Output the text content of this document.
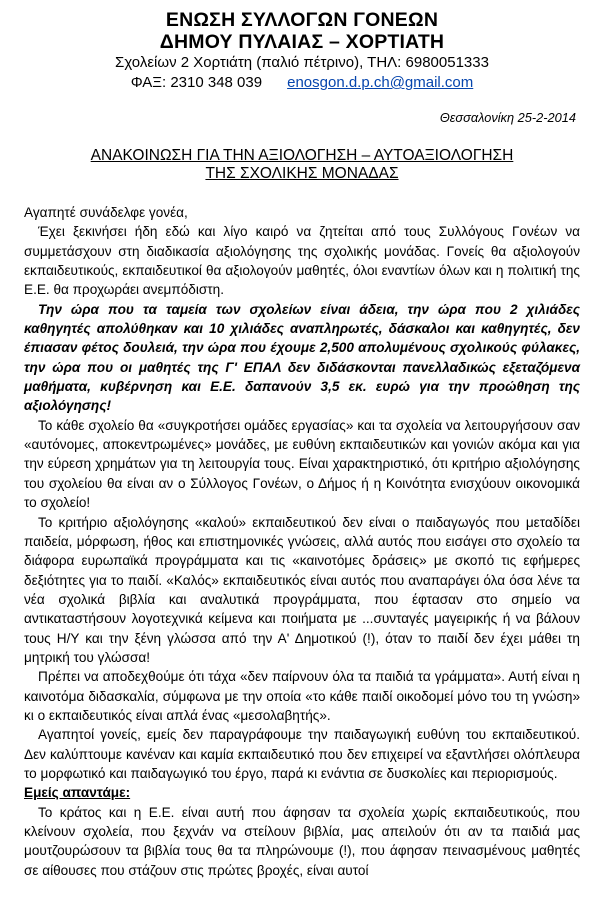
ΕΝΩΣΗ ΣΥΛΛΟΓΩΝ ΓΟΝΕΩΝ
ΔΗΜΟΥ ΠΥΛΑΙΑΣ – ΧΟΡΤΙΑΤΗ
Σχολείων 2 Χορτιάτη (παλιό πέτρινο), ΤΗΛ: 6980051333
ΦΑΞ: 2310 348 039 enosgon.d.p.ch@gmail.com
Θεσσαλονίκη 25-2-2014
ΑΝΑΚΟΙΝΩΣΗ ΓΙΑ ΤΗΝ ΑΞΙΟΛΟΓΗΣΗ – ΑΥΤΟΑΞΙΟΛΟΓΗΣΗ
ΤΗΣ ΣΧΟΛΙΚΗΣ ΜΟΝΑΔΑΣ

Αγαπητέ συνάδελφε γονέα,

Έχει ξεκινήσει ήδη εδώ και λίγο καιρό να ζητείται από τους Συλλόγους Γονέων να συμμετάσχουν στη διαδικασία αξιολόγησης της σχολικής μονάδας. Γονείς θα αξιολογούν εκπαιδευτικούς, εκπαιδευτικοί θα αξιολογούν μαθητές, όλοι εναντίων όλων και η πολιτική της Ε.Ε. θα προχωράει ανεμπόδιστη.

Την ώρα που τα ταμεία των σχολείων είναι άδεια, την ώρα που 2 χιλιάδες καθηγητές απολύθηκαν και 10 χιλιάδες αναπληρωτές, δάσκαλοι και καθηγητές, δεν έπιασαν φέτος δουλειά, την ώρα που έχουμε 2,500 απολυμένους σχολικούς φύλακες, την ώρα που οι μαθητές της Γ' ΕΠΑΛ δεν διδάσκονται πανελλαδικώς εξεταζόμενα μαθήματα, κυβέρνηση και Ε.Ε. δαπανούν 3,5 εκ. ευρώ για την προώθηση της αξιολόγησης!

Το κάθε σχολείο θα «συγκροτήσει ομάδες εργασίας» και τα σχολεία να λειτουργήσουν σαν «αυτόνομες, αποκεντρωμένες» μονάδες, με ευθύνη εκπαιδευτικών και γονιών ακόμα και για την εύρεση χρημάτων για τη λειτουργία τους. Είναι χαρακτηριστικό, ότι κριτήριο αξιολόγησης του σχολείου θα είναι αν ο Σύλλογος Γονέων, ο Δήμος ή η Κοινότητα ενισχύουν οικονομικά το σχολείο!

Το κριτήριο αξιολόγησης «καλού» εκπαιδευτικού δεν είναι ο παιδαγωγός που μεταδίδει παιδεία, μόρφωση, ήθος και επιστημονικές γνώσεις, αλλά αυτός που εισάγει στο σχολείο τα διάφορα ευρωπαϊκά προγράμματα και τις «καινοτόμες δράσεις» με σκοπό τις εφήμερες δεξιότητες για το παιδί. «Καλός» εκπαιδευτικός είναι αυτός που αναπαράγει όλα όσα λένε τα νέα σχολικά βιβλία και αναλυτικά προγράμματα, που έφτασαν στο σημείο να αντικαταστήσουν λογοτεχνικά κείμενα και ποιήματα με ...συνταγές μαγειρικής ή να βάλουν τους Η/Υ και την ξένη γλώσσα από την Α' Δημοτικού (!), όταν το παιδί δεν έχει μάθει τη μητρική του γλώσσα!

Πρέπει να αποδεχθούμε ότι τάχα «δεν παίρνουν όλα τα παιδιά τα γράμματα». Αυτή είναι η καινοτόμα διδασκαλία, σύμφωνα με την οποία «το κάθε παιδί οικοδομεί μόνο του τη γνώση» κι ο εκπαιδευτικός είναι απλά ένας «μεσολαβητής».

Αγαπητοί γονείς, εμείς δεν παραγράφουμε την παιδαγωγική ευθύνη του εκπαιδευτικού. Δεν καλύπτουμε κανέναν και καμία εκπαιδευτικό που δεν επιχειρεί να εξαντλήσει ολόπλευρα το μορφωτικό και παιδαγωγικό του έργο, παρά κι ενάντια σε δυσκολίες και περιορισμούς.

Εμείς απαντάμε:

Το κράτος και η Ε.Ε. είναι αυτή που άφησαν τα σχολεία χωρίς εκπαιδευτικούς, που κλείνουν σχολεία, που ξεχνάν να στείλουν βιβλία, μας απειλούν ότι αν τα παιδιά μας μουτζουρώσουν τα βιβλία τους θα τα πληρώνουμε (!), που άφησαν πεινασμένους μαθητές σε αίθουσες που στάζουν στις πρώτες βροχές, είναι αυτοί
